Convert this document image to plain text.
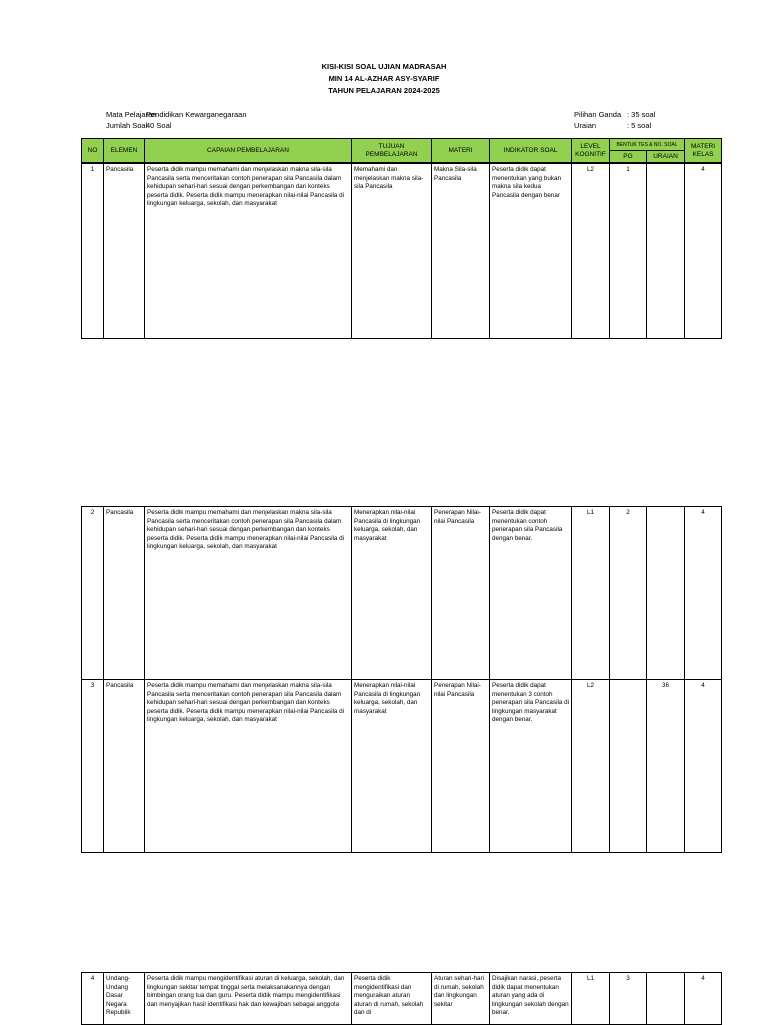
KISI-KISI SOAL UJIAN MADRASAH
MIN 14 AL-AZHAR ASY-SYARIF
TAHUN PELAJARAN 2024-2025
Mata PelajaranPendidikan Kewarganegaraan
Jumlah Soal40 Soal
Pilihan Ganda : 35 soal
Uraian	: 5 soal
NO	ELEMEN	CAPAIAN PEMBELAJARAN	TUJUAN PEMBELAJARAN	MATERI	INDIKATOR SOAL	LEVEL KOGNITIF	BENTUK TES & NO. SOAL		MATERI KELAS
							PG	URAIAN	
1	Pancasila	Peserta didik mampu memahami dan menjelaskan makna sila-sila Pancasila serta menceritakan contoh penerapan sila Pancasila dalam kehidupan sehari-hari sesuai dengan perkembangan dan konteks peserta didik. Peserta didik mampu menerapkan nilai-nilai Pancasila di lingkungan keluarga, sekolah, dan masyarakat	Memahami dan menjelaskan makna sila-sila Pancasila	Makna Sila-sila Pancasila	Peserta didik dapat menentukan yang bukan makna sila kedua Pancasila dengan benar	L2	1		4
2	Pancasila	Peserta didik mampu memahami dan menjelaskan makna sila-sila Pancasila serta menceritakan contoh penerapan sila Pancasila dalam kehidupan sehari-hari sesuai dengan perkembangan dan konteks peserta didik. Peserta didik mampu menerapkan nilai-nilai Pancasila di lingkungan keluarga, sekolah, dan masyarakat	Menerapkan nilai-nilai Pancasila di lingkungan keluarga, sekolah, dan masyarakat	Penerapan Nilai-nilai Pancasila	Peserta didik dapat menentukan contoh penerapan sila Pancasila dengan benar.	L1	2		4
3	Pancasila	Peserta didik mampu memahami dan menjelaskan makna sila-sila Pancasila serta menceritakan contoh penerapan sila Pancasila dalam kehidupan sehari-hari sesuai dengan perkembangan dan konteks peserta didik. Peserta didik mampu menerapkan nilai-nilai Pancasila di lingkungan keluarga, sekolah, dan masyarakat	Menerapkan nilai-nilai Pancasila di lingkungan keluarga, sekolah, dan masyarakat	Penerapan Nilai-nilai Pancasila	Peserta didik dapat menentukan 3 contoh penerapan sila Pancasila di lingkungan masyarakat dengan benar.	L2		36	4
4	Undang-Undang Dasar Negara Republik	Peserta didik mampu mengidentifikasi aturan di keluarga, sekolah, dan lingkungan sekitar tempat tinggal serta melaksanakannya dengan bimbingan orang tua dan guru. Peserta didik mampu mengidentifikasi dan menyajikan hasil identifikasi hak dan kewajiban sebagai anggota	Peserta didik mengidentifikasi dan menguraikan aturan aturan di rumah, sekolah dan di	Aturan sehari-hari di rumah, sekolah dan lingkungan sekitar	Disajikan narasi, peserta didik dapat menentukan aturan yang ada di lingkungan sekolah dengan benar.	L1	3		4
